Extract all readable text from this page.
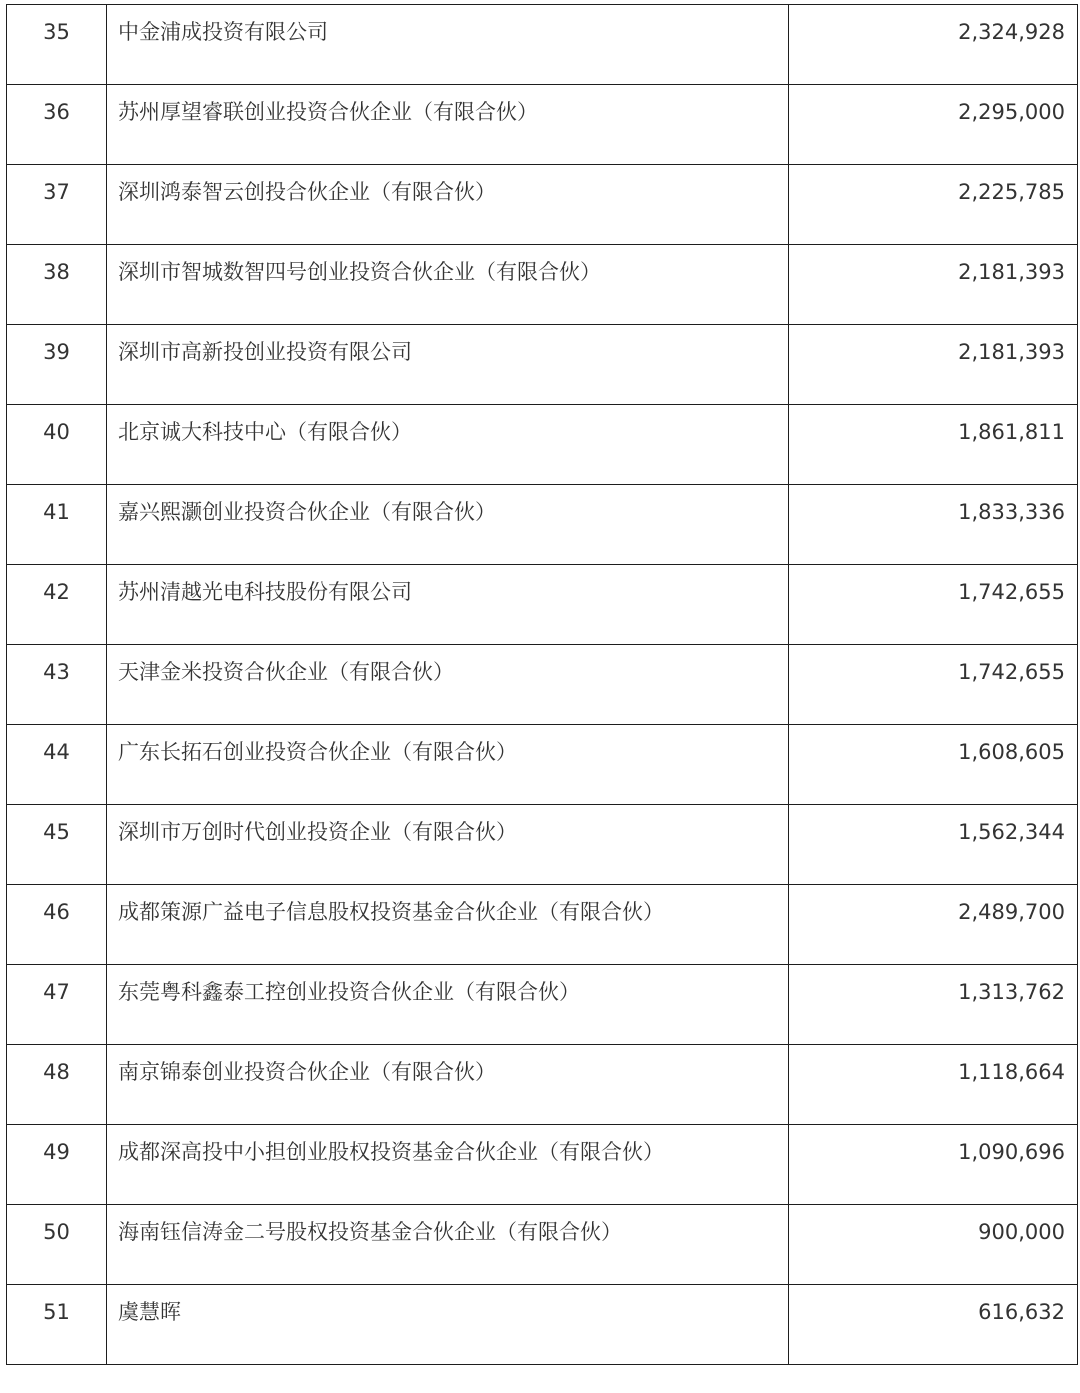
35	中金浦成投资有限公司	2,324,928
36	苏州厚望睿联创业投资合伙企业（有限合伙）	2,295,000
37	深圳鸿泰智云创投合伙企业（有限合伙）	2,225,785
38	深圳市智城数智四号创业投资合伙企业（有限合伙）	2,181,393
39	深圳市高新投创业投资有限公司	2,181,393
40	北京诚大科技中心（有限合伙）	1,861,811
41	嘉兴熙灏创业投资合伙企业（有限合伙）	1,833,336
42	苏州清越光电科技股份有限公司	1,742,655
43	天津金米投资合伙企业（有限合伙）	1,742,655
44	广东长拓石创业投资合伙企业（有限合伙）	1,608,605
45	深圳市万创时代创业投资企业（有限合伙）	1,562,344
46	成都策源广益电子信息股权投资基金合伙企业（有限合伙）	2,489,700
47	东莞粤科鑫泰工控创业投资合伙企业（有限合伙）	1,313,762
48	南京锦泰创业投资合伙企业（有限合伙）	1,118,664
49	成都深高投中小担创业股权投资基金合伙企业（有限合伙）	1,090,696
50	海南钰信涛金二号股权投资基金合伙企业（有限合伙）	900,000
51	虞慧晖	616,632
